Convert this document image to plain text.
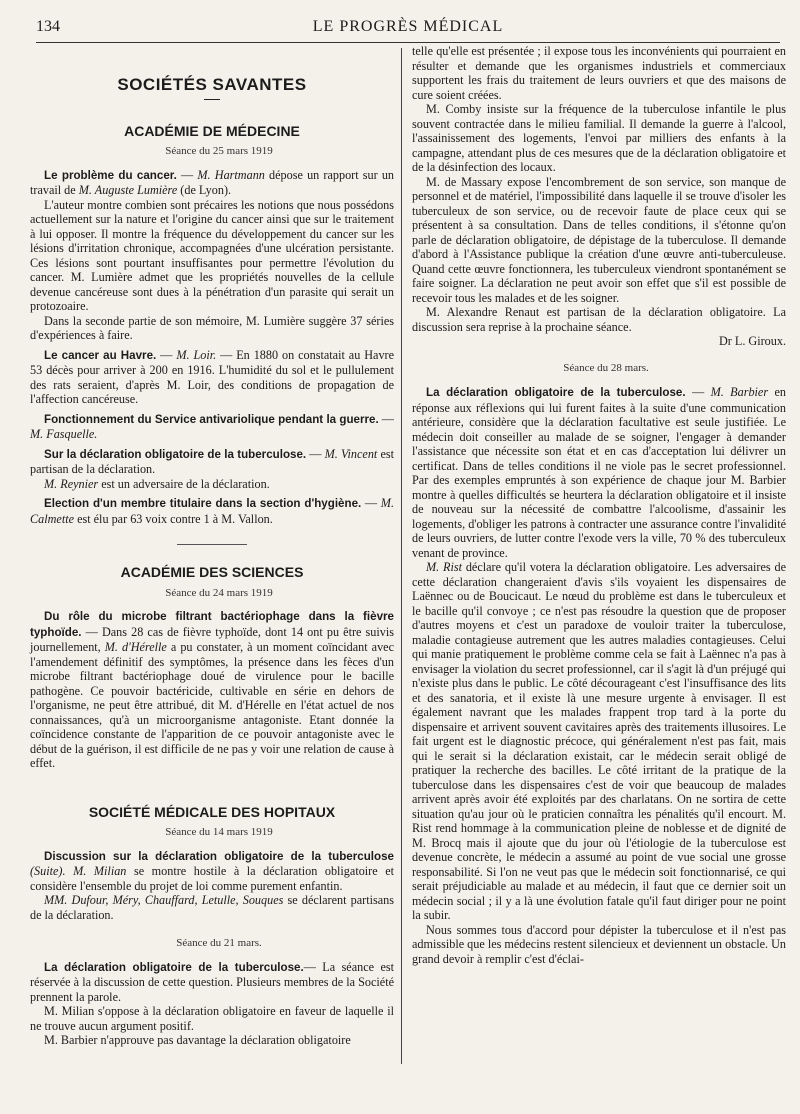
134	LE PROGRÈS MÉDICAL
SOCIÉTÉS SAVANTES
ACADÉMIE DE MÉDECINE

Séance du 25 mars 1919

Le problème du cancer. — M. Hartmann dépose un rapport sur un travail de M. Auguste Lumière (de Lyon).

L'auteur montre combien sont précaires les notions que nous possédons actuellement sur la nature et l'origine du cancer ainsi que sur le traitement à lui opposer. Il montre la fréquence du développement du cancer sur les lésions d'irritation chronique, accompagnées d'une ulcération persistante. Ces lésions sont pourtant insuffisantes pour permettre l'évolution du cancer. M. Lumière admet que les propriétés nouvelles de la cellule devenue cancéreuse sont dues à la pénétration d'un parasite qui serait un protozoaire.

Dans la seconde partie de son mémoire, M. Lumière suggère 37 séries d'expériences à faire.

Le cancer au Havre. — M. Loir. — En 1880 on constatait au Havre 53 décès pour arriver à 200 en 1916. L'humidité du sol et le pullulement des rats seraient, d'après M. Loir, des conditions de propagation de l'affection cancéreuse.

Fonctionnement du Service antivariolique pendant la guerre. — M. Fasquelle.

Sur la déclaration obligatoire de la tuberculose. — M. Vincent est partisan de la déclaration.

M. Reynier est un adversaire de la déclaration.

Election d'un membre titulaire dans la section d'hygiène. — M. Calmette est élu par 63 voix contre 1 à M. Vallon.

ACADÉMIE DES SCIENCES

Séance du 24 mars 1919

Du rôle du microbe filtrant bactériophage dans la fièvre typhoïde. — Dans 28 cas de fièvre typhoïde, dont 14 ont pu être suivis journellement, M. d'Hérelle a pu constater, à un moment coïncidant avec l'amendement définitif des symptômes, la présence dans les fèces d'un microbe filtrant bactériophage doué de virulence pour le bacille pathogène. Ce pouvoir bactéricide, cultivable en série en dehors de l'organisme, ne peut être attribué, dit M. d'Hérelle en l'état actuel de nos connaissances, qu'à un microorganisme antagoniste. Etant donnée la coïncidence constante de l'apparition de ce pouvoir antagoniste avec le début de la guérison, il est difficile de ne pas y voir une relation de cause à effet.

SOCIÉTÉ MÉDICALE DES HOPITAUX

Séance du 14 mars 1919

Discussion sur la déclaration obligatoire de la tuberculose (Suite). M. Milian se montre hostile à la déclaration obligatoire et considère l'ensemble du projet de loi comme purement enfantin.

MM. Dufour, Méry, Chauffard, Letulle, Souques se déclarent partisans de la déclaration.

Séance du 21 mars.

La déclaration obligatoire de la tuberculose.— La séance est réservée à la discussion de cette question. Plusieurs membres de la Société prennent la parole.

M. Milian s'oppose à la déclaration obligatoire en faveur de laquelle il ne trouve aucun argument positif.

M. Barbier n'approuve pas davantage la déclaration obligatoire

telle qu'elle est présentée ; il expose tous les inconvénients qui pourraient en résulter et demande que les organismes industriels et commerciaux supportent les frais du traitement de leurs ouvriers et que des maisons de cure soient créées.

M. Comby insiste sur la fréquence de la tuberculose infantile le plus souvent contractée dans le milieu familial. Il demande la guerre à l'alcool, l'assainissement des logements, l'envoi par milliers des enfants à la campagne, attendant plus de ces mesures que de la déclaration obligatoire et de la désinfection des locaux.

M. de Massary expose l'encombrement de son service, son manque de personnel et de matériel, l'impossibilité dans laquelle il se trouve d'isoler les tuberculeux de son service, ou de recevoir faute de place ceux qui se présentent à sa consultation. Dans de telles conditions, il s'étonne qu'on parle de déclaration obligatoire, de dépistage de la tuberculose. Il demande d'abord à l'Assistance publique la création d'une œuvre anti-tuberculeuse. Quand cette œuvre fonctionnera, les tuberculeux viendront spontanément se faire soigner. La déclaration ne peut avoir son effet que s'il est possible de recevoir tous les malades et de les soigner.

M. Alexandre Renaut est partisan de la déclaration obligatoire. La discussion sera reprise à la prochaine séance.

Dr L. Giroux.

Séance du 28 mars.

La déclaration obligatoire de la tuberculose. — M. Barbier en réponse aux réflexions qui lui furent faites à la suite d'une communication antérieure, considère que la déclaration facultative est seule justifiée. Le médecin doit conseiller au malade de se soigner, l'engager à demander l'assistance que nécessite son état et en cas d'acceptation lui délivrer un certificat. Dans de telles conditions il ne viole pas le secret professionnel. Par des exemples empruntés à son expérience de chaque jour M. Barbier montre à quelles difficultés se heurtera la déclaration obligatoire et il insiste de nouveau sur la nécessité de combattre l'alcoolisme, d'assainir les logements, d'obliger les patrons à contracter une assurance contre l'invalidité de leurs ouvriers, de lutter contre l'exode vers la ville, 70 % des tuberculeux venant de province.

M. Rist déclare qu'il votera la déclaration obligatoire. Les adversaires de cette déclaration changeraient d'avis s'ils voyaient les dispensaires de Laënnec ou de Boucicaut. Le nœud du problème est dans le tuberculeux et le bacille qu'il convoye ; ce n'est pas résoudre la question que de proposer d'autres moyens et c'est un paradoxe de vouloir traiter la tuberculose, maladie contagieuse autrement que les autres maladies contagieuses. Celui qui manie pratiquement le problème comme cela se fait à Laënnec n'a pas à envisager la violation du secret professionnel, car il s'agit là d'un préjugé qui n'existe plus dans le public. Le côté décourageant c'est l'insuffisance des lits et des sanatoria, et il existe là une mesure urgente à envisager. Il est également navrant que les malades frappent trop tard à la porte du dispensaire et arrivent souvent cavitaires après des traitements illusoires. Le fait urgent est le diagnostic précoce, qui généralement n'est pas fait, mais qui le serait si la déclaration existait, car le médecin serait obligé de pratiquer la recherche des bacilles. Le côté irritant de la pratique de la tuberculose dans les dispensaires c'est de voir que beaucoup de malades arrivent après avoir été exploités par des charlatans. On ne sortira de cette situation qu'au jour où le praticien connaîtra les pénalités qu'il encourt. M. Rist rend hommage à la communication pleine de noblesse et de dignité de M. Brocq mais il ajoute que du jour où l'étiologie de la tuberculose est devenue concrète, le médecin a assumé au point de vue social une grosse responsabilité. Si l'on ne veut pas que le médecin soit fonctionnarisé, ce qui serait préjudiciable au malade et au médecin, il faut que ce dernier soit un médecin social ; il y a là une évolution fatale qu'il faut diriger pour ne point la subir.

Nous sommes tous d'accord pour dépister la tuberculose et il n'est pas admissible que les médecins restent silencieux et deviennent un obstacle. Un grand devoir à remplir c'est d'éclai-
